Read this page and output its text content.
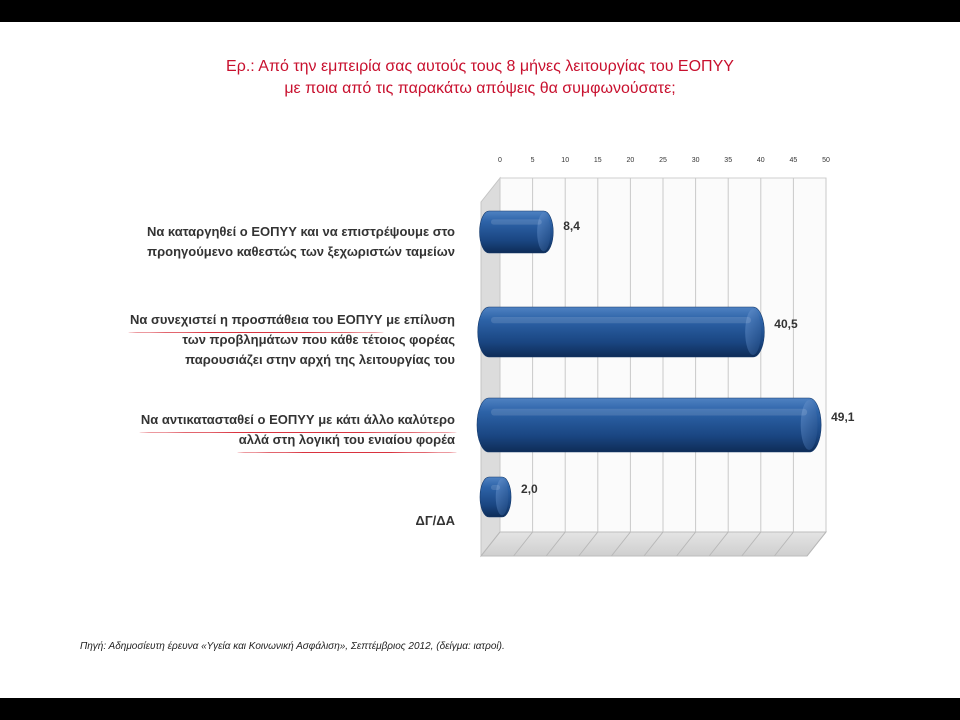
Ερ.: Από την εμπειρία σας αυτούς τους 8 μήνες λειτουργίας του ΕΟΠΥΥ
με ποια από τις παρακάτω απόψεις θα συμφωνούσατε;
0	5	10	15	20	25	30	35	40	45	50
8,4
40,5
49,1
2,0
Να καταργηθεί ο ΕΟΠΥΥ και να επιστρέψουμε στο
προηγούμενο καθεστώς των ξεχωριστών ταμείων
Να συνεχιστεί η προσπάθεια του ΕΟΠΥΥ με επίλυση
των προβλημάτων που κάθε τέτοιος φορέας
παρουσιάζει στην αρχή της λειτουργίας του
Να αντικατασταθεί ο ΕΟΠΥΥ με κάτι άλλο καλύτερο
αλλά στη λογική του ενιαίου φορέα
ΔΓ/ΔΑ
Πηγή: Αδημοσίευτη έρευνα «Υγεία και Κοινωνική Ασφάλιση», Σεπτέμβριος 2012, (δείγμα: ιατροί).
